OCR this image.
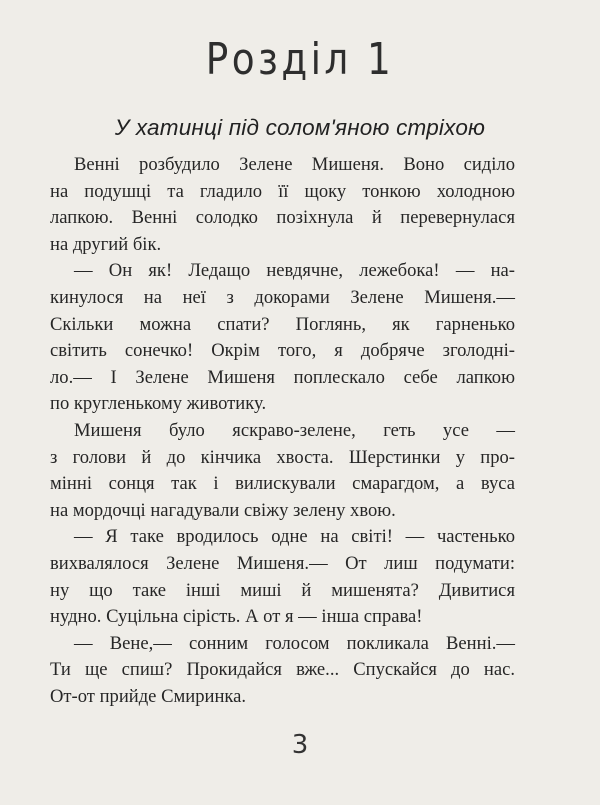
Розділ 1
У хатинці під солом'яною стріхою
Венні розбудило Зелене Мишеня. Воно сиділо
на подушці та гладило її щоку тонкою холодною
лапкою. Венні солодко позіхнула й перевернулася
на другий бік.
— Он як! Ледащо невдячне, лежебока! — на-
кинулося на неї з докорами Зелене Мишеня.—
Скільки можна спати? Поглянь, як гарненько
світить сонечко! Окрім того, я добряче зголодні-
ло.— І Зелене Мишеня поплескало себе лапкою
по кругленькому животику.
Мишеня було яскраво-зелене, геть усе —
з голови й до кінчика хвоста. Шерстинки у про-
мінні сонця так і вилискували смарагдом, а вуса
на мордочці нагадували свіжу зелену хвою.
— Я таке вродилось одне на світі! — частенько
вихвалялося Зелене Мишеня.— От лиш подумати:
ну що таке інші миші й мишенята? Дивитися
нудно. Суцільна сірість. А от я — інша справа!
— Вене,— сонним голосом покликала Венні.—
Ти ще спиш? Прокидайся вже... Спускайся до нас.
От-от прийде Смиринка.
3
